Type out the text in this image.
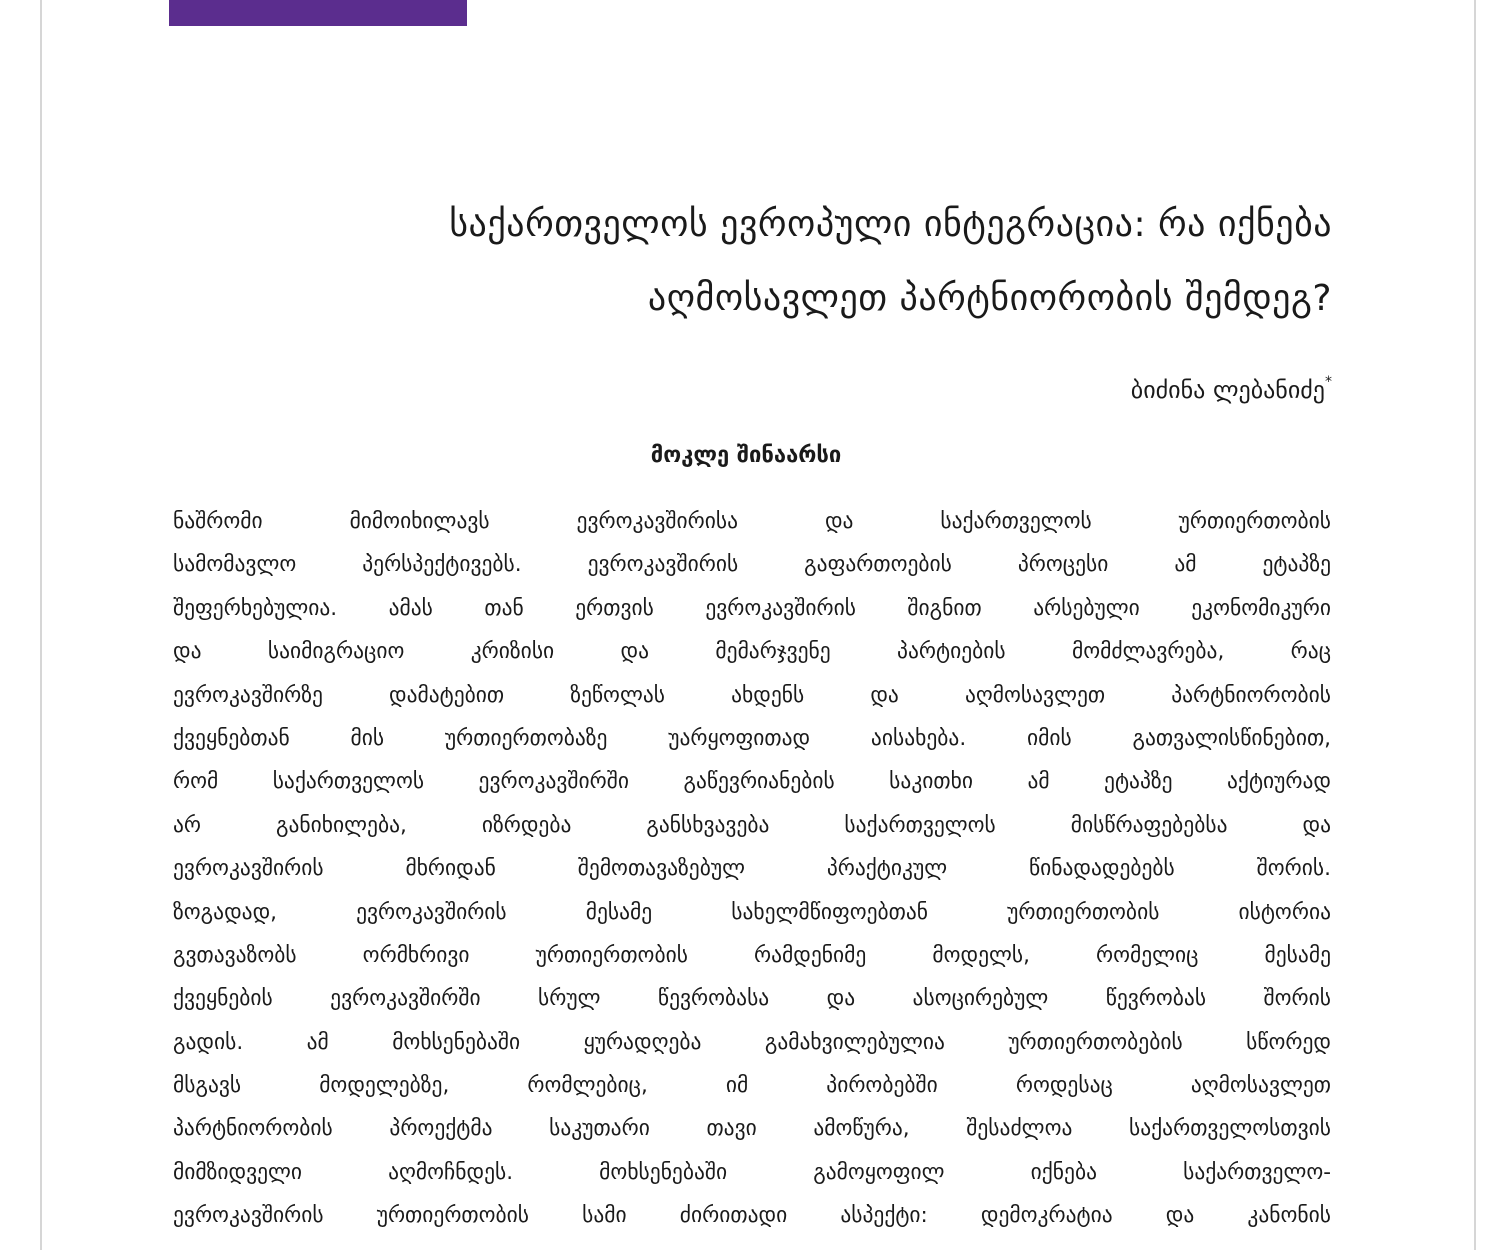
საქართველოს ევროპული ინტეგრაცია: რა იქნება
აღმოსავლეთ პარტნიორობის შემდეგ?
ბიძინა ლებანიძე*
მოკლე შინაარსი
ნაშრომი მიმოიხილავს ევროკავშირისა და საქართველოს ურთიერთობის
სამომავლო პერსპექტივებს. ევროკავშირის გაფართოების პროცესი ამ ეტაპზე
შეფერხებულია. ამას თან ერთვის ევროკავშირის შიგნით არსებული ეკონომიკური
და საიმიგრაციო კრიზისი და მემარჯვენე პარტიების მომძლავრება, რაც
ევროკავშირზე დამატებით ზეწოლას ახდენს და აღმოსავლეთ პარტნიორობის
ქვეყნებთან მის ურთიერთობაზე უარყოფითად აისახება. იმის გათვალისწინებით,
რომ საქართველოს ევროკავშირში გაწევრიანების საკითხი ამ ეტაპზე აქტიურად
არ განიხილება, იზრდება განსხვავება საქართველოს მისწრაფებებსა და
ევროკავშირის მხრიდან შემოთავაზებულ პრაქტიკულ წინადადებებს შორის.
ზოგადად, ევროკავშირის მესამე სახელმწიფოებთან ურთიერთობის ისტორია
გვთავაზობს ორმხრივი ურთიერთობის რამდენიმე მოდელს, რომელიც მესამე
ქვეყნების ევროკავშირში სრულ წევრობასა და ასოცირებულ წევრობას შორის
გადის. ამ მოხსენებაში ყურადღება გამახვილებულია ურთიერთობების სწორედ
მსგავს მოდელებზე, რომლებიც, იმ პირობებში როდესაც აღმოსავლეთ
პარტნიორობის პროექტმა საკუთარი თავი ამოწურა, შესაძლოა საქართველოსთვის
მიმზიდველი აღმოჩნდეს. მოხსენებაში გამოყოფილ იქნება საქართველო-
ევროკავშირის ურთიერთობის სამი ძირითადი ასპექტი: დემოკრატია და კანონის
